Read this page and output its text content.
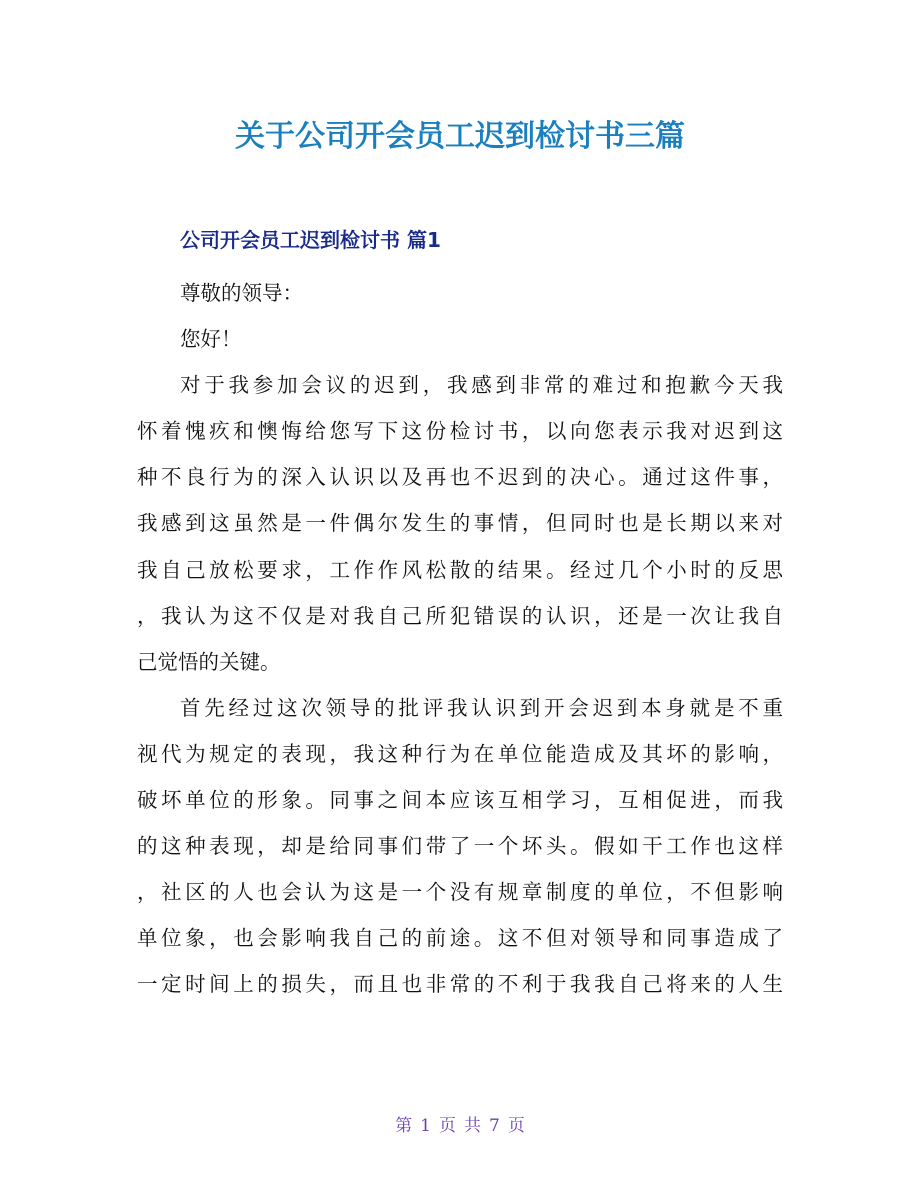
关于公司开会员工迟到检讨书三篇
公司开会员工迟到检讨书 篇1
尊敬的领导：
您好！
对于我参加会议的迟到，我感到非常的难过和抱歉今天我
怀着愧疚和懊悔给您写下这份检讨书，以向您表示我对迟到这
种不良行为的深入认识以及再也不迟到的决心。通过这件事，
我感到这虽然是一件偶尔发生的事情，但同时也是长期以来对
我自己放松要求，工作作风松散的结果。经过几个小时的反思
，我认为这不仅是对我自己所犯错误的认识，还是一次让我自
己觉悟的关键。
首先经过这次领导的批评我认识到开会迟到本身就是不重
视代为规定的表现，我这种行为在单位能造成及其坏的影响，
破坏单位的形象。同事之间本应该互相学习，互相促进，而我
的这种表现，却是给同事们带了一个坏头。假如干工作也这样
，社区的人也会认为这是一个没有规章制度的单位，不但影响
单位象，也会影响我自己的前途。这不但对领导和同事造成了
一定时间上的损失，而且也非常的不利于我我自己将来的人生
第 1 页 共 7 页
